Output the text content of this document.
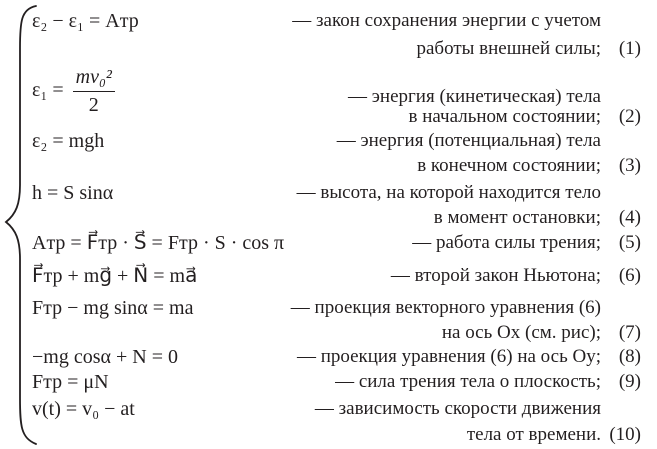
ε₂ − ε₁ = Aтр	— закон сохранения энергии с учетом
работы внешней силы; (1)
$\varepsilon_1 = \frac{\text{mv₀²}}{2}$	— энергия (кинетическая) тела
в начальном состоянии; (2)
ε₂ = mgh	— энергия (потенциальная) тела
в конечном состоянии; (3)
h = S sinα	— высота, на которой находится тело
в момент остановки; (4)
Aтр = F⃗тр · S⃗ = Fтр · S · cos π	— работа силы трения; (5)
F⃗тр + mg⃗ + N⃗ = ma⃗	— второй закон Ньютона; (6)
Fтр − mg sinα = ma	— проекция векторного уравнения (6)
на ось Ox (см. рис); (7)
−mg cosα + N = 0	— проекция уравнения (6) на ось Oy; (8)
Fтр = μN	— сила трения тела о плоскость; (9)
v(t) = v₀ − at	— зависимость скорости движения
тела от времени. (10)
